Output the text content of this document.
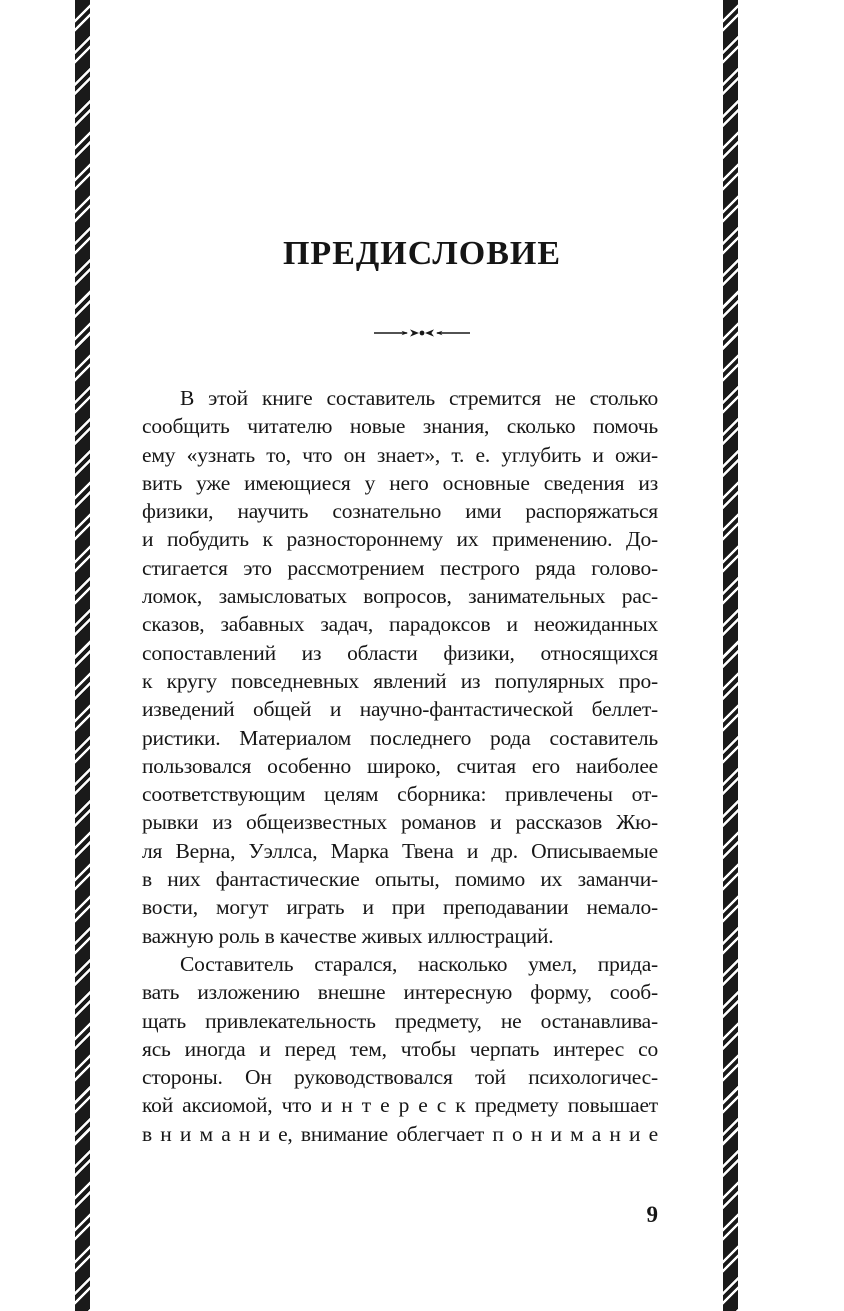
ПРЕДИСЛОВИЕ
В этой книге составитель стремится не столько
сообщить читателю новые знания, сколько помочь
ему «узнать то, что он знает», т. е. углубить и ожи-
вить уже имеющиеся у него основные сведения из
физики, научить сознательно ими распоряжаться
и побудить к разностороннему их применению. До-
стигается это рассмотрением пестрого ряда голово-
ломок, замысловатых вопросов, занимательных рас-
сказов, забавных задач, парадоксов и неожиданных
сопоставлений из области физики, относящихся
к кругу повседневных явлений из популярных про-
изведений общей и научно-фантастической беллет-
ристики. Материалом последнего рода составитель
пользовался особенно широко, считая его наиболее
соответствующим целям сборника: привлечены от-
рывки из общеизвестных романов и рассказов Жю-
ля Верна, Уэллса, Марка Твена и др. Описываемые
в них фантастические опыты, помимо их заманчи-
вости, могут играть и при преподавании немало-
важную роль в качестве живых иллюстраций.
Составитель старался, насколько умел, прида-
вать изложению внешне интересную форму, сооб-
щать привлекательность предмету, не останавлива-
ясь иногда и перед тем, чтобы черпать интерес со
стороны. Он руководствовался той психологичес-
кой аксиомой, что и н т е р е с к предмету повышает
в н и м а н и е, внимание облегчает п о н и м а н и е
9
